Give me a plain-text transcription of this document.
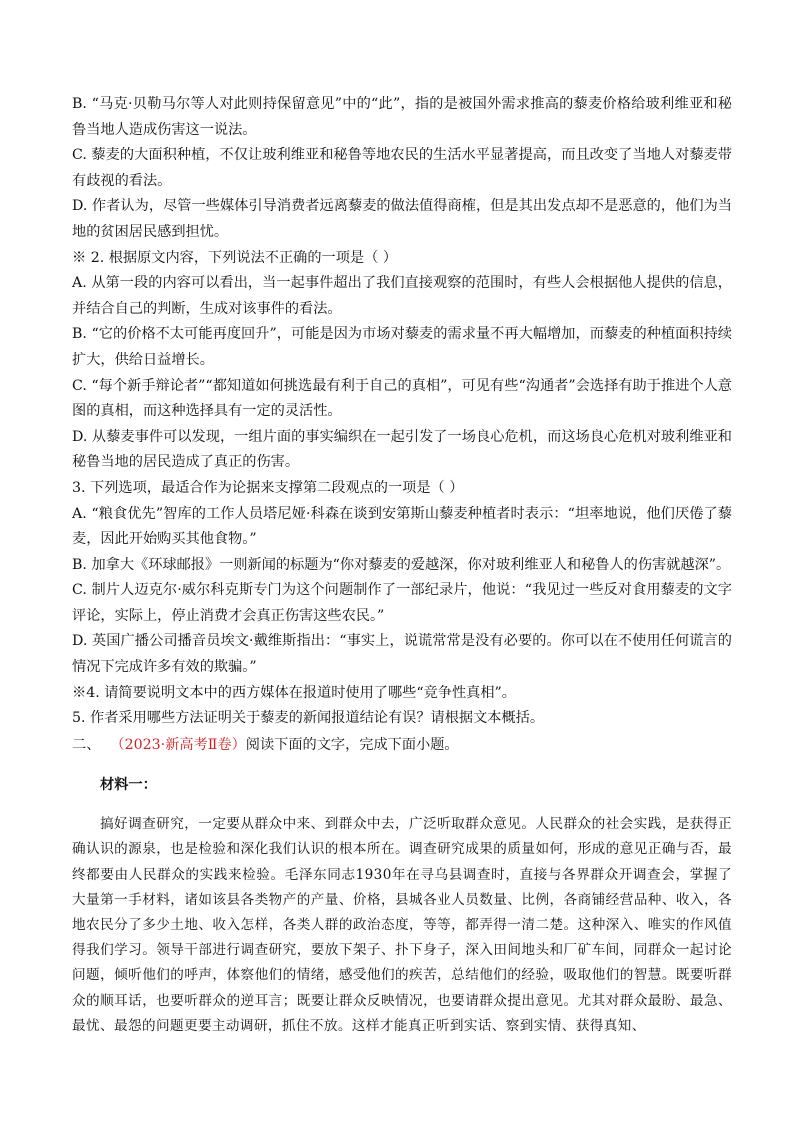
B. “马克·贝勒马尔等人对此则持保留意见”中的“此”，指的是被国外需求推高的藜麦价格给玻利维亚和秘鲁当地人造成伤害这一说法。

C. 藜麦的大面积种植，不仅让玻利维亚和秘鲁等地农民的生活水平显著提高，而且改变了当地人对藜麦带有歧视的看法。

D. 作者认为，尽管一些媒体引导消费者远离藜麦的做法值得商榷，但是其出发点却不是恶意的，他们为当地的贫困居民感到担忧。

※ 2. 根据原文内容，下列说法不正确的一项是（ ）

A. 从第一段的内容可以看出，当一起事件超出了我们直接观察的范围时，有些人会根据他人提供的信息，并结合自己的判断，生成对该事件的看法。

B. “它的价格不太可能再度回升”，可能是因为市场对藜麦的需求量不再大幅增加，而藜麦的种植面积持续扩大，供给日益增长。

C. “每个新手辩论者”“都知道如何挑选最有利于自己的真相”，可见有些“沟通者”会选择有助于推进个人意图的真相，而这种选择具有一定的灵活性。

D. 从藜麦事件可以发现，一组片面的事实编织在一起引发了一场良心危机，而这场良心危机对玻利维亚和秘鲁当地的居民造成了真正的伤害。

3. 下列选项，最适合作为论据来支撑第二段观点的一项是（ ）

A. “粮食优先”智库的工作人员塔尼娅·科森在谈到安第斯山藜麦种植者时表示：“坦率地说，他们厌倦了藜麦，因此开始购买其他食物。”

B. 加拿大《环球邮报》一则新闻的标题为“你对藜麦的爱越深，你对玻利维亚人和秘鲁人的伤害就越深”。

C. 制片人迈克尔·威尔科克斯专门为这个问题制作了一部纪录片，他说：“我见过一些反对食用藜麦的文字评论，实际上，停止消费才会真正伤害这些农民。”

D. 英国广播公司播音员埃文·戴维斯指出：“事实上，说谎常常是没有必要的。你可以在不使用任何谎言的情况下完成许多有效的欺骗。”

※4. 请简要说明文本中的西方媒体在报道时使用了哪些“竞争性真相”。

5. 作者采用哪些方法证明关于藜麦的新闻报道结论有误？请根据文本概括。

二、 （2023·新高考Ⅱ卷）阅读下面的文字，完成下面小题。

材料一：

搞好调查研究，一定要从群众中来、到群众中去，广泛听取群众意见。人民群众的社会实践，是获得正确认识的源泉，也是检验和深化我们认识的根本所在。调查研究成果的质量如何，形成的意见正确与否，最终都要由人民群众的实践来检验。毛泽东同志1930年在寻乌县调查时，直接与各界群众开调查会，掌握了大量第一手材料，诸如该县各类物产的产量、价格，县城各业人员数量、比例，各商铺经营品种、收入，各地农民分了多少土地、收入怎样，各类人群的政治态度，等等，都弄得一清二楚。这种深入、唯实的作风值得我们学习。领导干部进行调查研究，要放下架子、扑下身子，深入田间地头和厂矿车间，同群众一起讨论问题，倾听他们的呼声，体察他们的情绪，感受他们的疾苦，总结他们的经验，吸取他们的智慧。既要听群众的顺耳话，也要听群众的逆耳言；既要让群众反映情况，也要请群众提出意见。尤其对群众最盼、最急、最忧、最怨的问题更要主动调研，抓住不放。这样才能真正听到实话、察到实情、获得真知、
